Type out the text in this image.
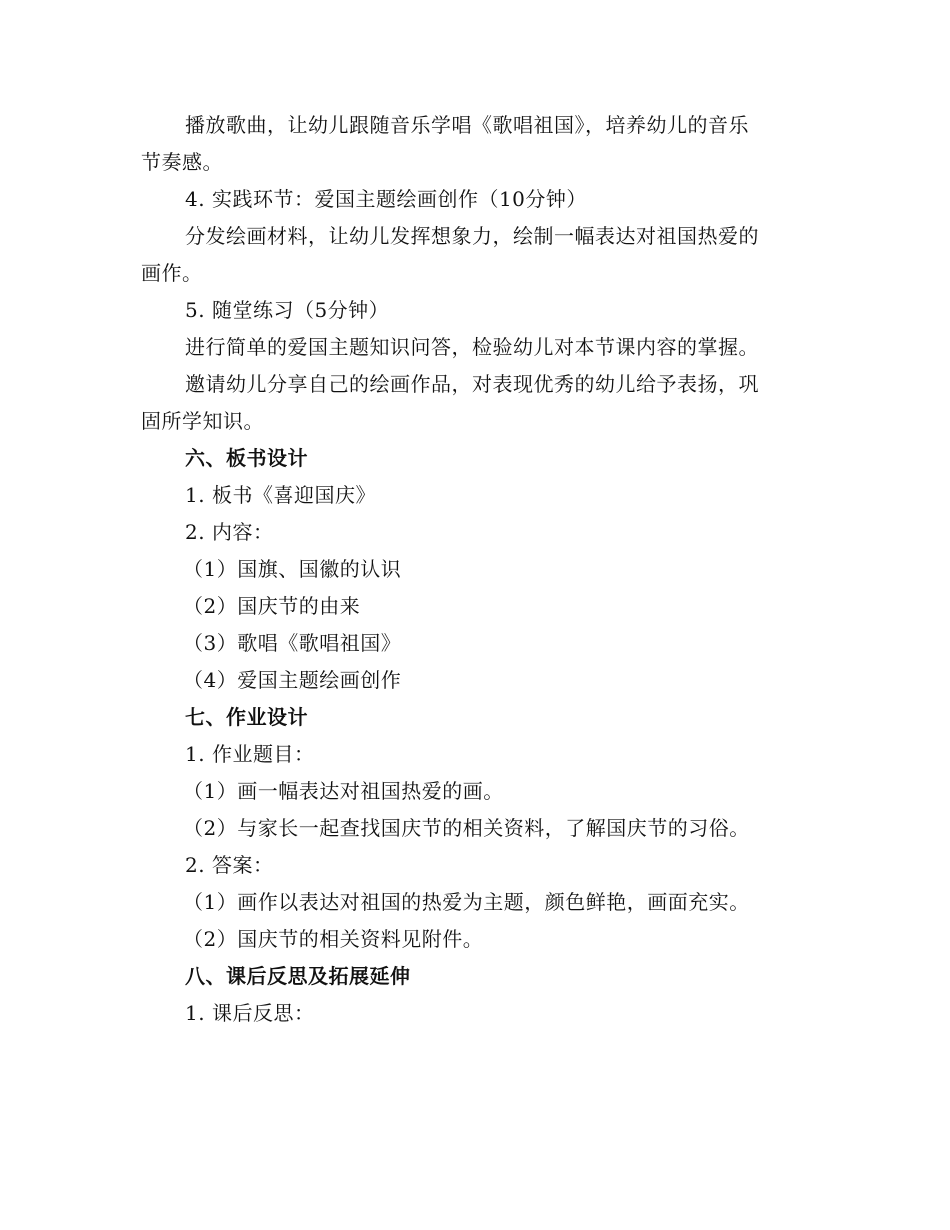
播放歌曲，让幼儿跟随音乐学唱《歌唱祖国》，培养幼儿的音乐
节奏感。
4. 实践环节：爱国主题绘画创作（10分钟）
分发绘画材料，让幼儿发挥想象力，绘制一幅表达对祖国热爱的
画作。
5. 随堂练习（5分钟）
进行简单的爱国主题知识问答，检验幼儿对本节课内容的掌握。
邀请幼儿分享自己的绘画作品，对表现优秀的幼儿给予表扬，巩
固所学知识。
六、板书设计
1. 板书《喜迎国庆》
2. 内容：
（1）国旗、国徽的认识
（2）国庆节的由来
（3）歌唱《歌唱祖国》
（4）爱国主题绘画创作
七、作业设计
1. 作业题目：
（1）画一幅表达对祖国热爱的画。
（2）与家长一起查找国庆节的相关资料，了解国庆节的习俗。
2. 答案：
（1）画作以表达对祖国的热爱为主题，颜色鲜艳，画面充实。
（2）国庆节的相关资料见附件。
八、课后反思及拓展延伸
1. 课后反思：
